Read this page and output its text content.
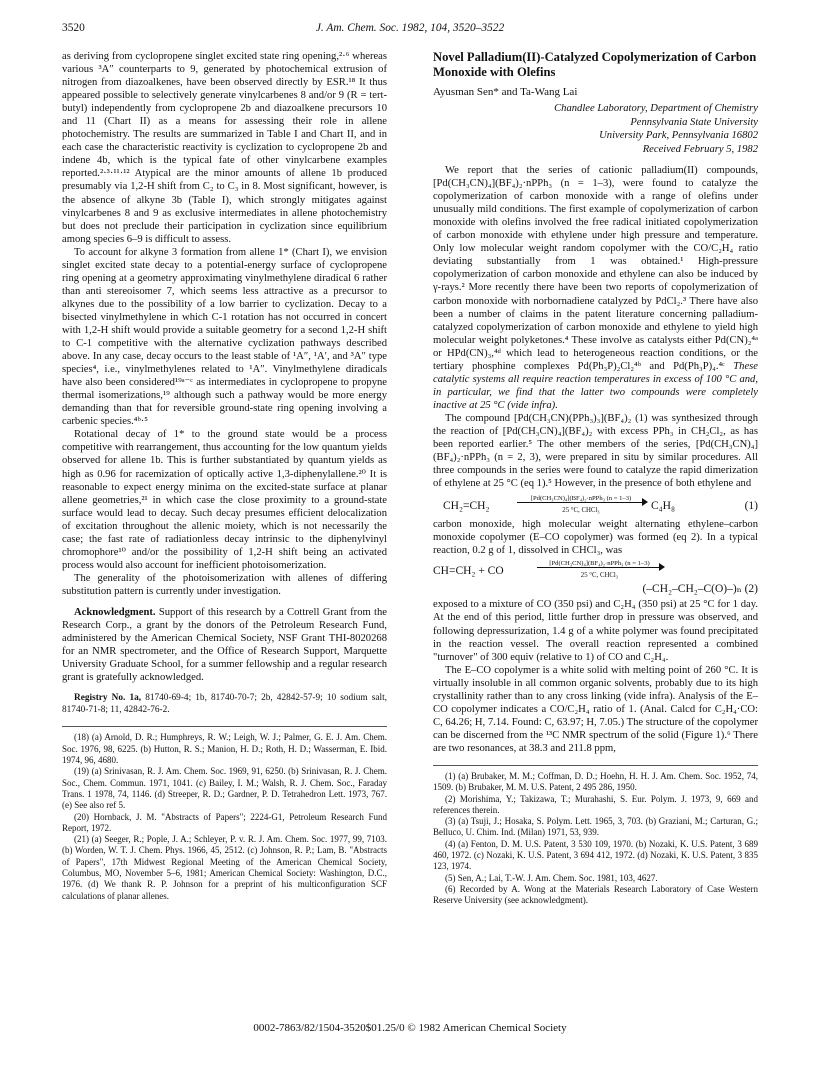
3520	J. Am. Chem. Soc. 1982, 104, 3520–3522

as deriving from cyclopropene singlet excited state ring opening,²·⁶ whereas various ³A″ counterparts to 9, generated by photochemical extrusion of nitrogen from diazoalkenes, have been observed directly by ESR.¹⁸ It thus appeared possible to selectively generate vinylcarbenes 8 and/or 9 (R = tert-butyl) independently from cyclopropene 2b and diazoalkene precursors 10 and 11 (Chart II) as a means for assessing their role in allene photochemistry. The results are summarized in Table I and Chart II, and in each case the characteristic reactivity is cyclization to cyclopropene 2b and indene 4b, which is the typical fate of other vinylcarbene examples reported.²·³·¹¹·¹² Atypical are the minor amounts of allene 1b produced presumably via 1,2-H shift from C₂ to C₃ in 8. Most significant, however, is the absence of alkyne 3b (Table I), which strongly mitigates against vinylcarbenes 8 and 9 as exclusive intermediates in allene photochemistry but does not preclude their participation in cyclization since equilibrium among species 6–9 is difficult to assess.

To account for alkyne 3 formation from allene 1* (Chart I), we envision singlet excited state decay to a potential-energy surface of cyclopropene ring opening at a geometry approximating vinylmethylene diradical 6 rather than anti stereoisomer 7, which seems less attractive as a precursor to alkynes due to the possibility of a low barrier to cyclization. Decay to a bisected vinylmethylene in which C-1 rotation has not occurred in concert with 1,2-H shift would provide a suitable geometry for a second 1,2-H shift to C-1 competitive with the alternative cyclization pathways described above. In any case, decay occurs to the least stable of ¹A″, ¹A′, and ³A″ type species⁴, i.e., vinylmethylenes related to ¹A″. Vinylmethylene diradicals have also been considered¹⁹ᵃ⁻ᶜ as intermediates in cyclopropene to propyne thermal isomerizations,¹⁹ although such a pathway would be more energy demanding than that for reversible ground-state ring opening involving a carbenic species.⁴ᵇ·⁵

Rotational decay of 1* to the ground state would be a process competitive with rearrangement, thus accounting for the low quantum yields observed for allene 1b. This is further substantiated by quantum yields as high as 0.96 for racemization of optically active 1,3-diphenylallene.²⁰ It is reasonable to expect energy minima on the excited-state surface at planar allene geometries,²¹ in which case the close proximity to a ground-state surface would lead to decay. Such decay presumes efficient delocalization of excitation throughout the allenic moiety, which is not necessarily the case; the fast rate of radiationless decay intrinsic to the diphenylvinyl chromophore¹⁰ and/or the possibility of 1,2-H shift being an activated process would also account for inefficient photoisomerization.

The generality of the photoisomerization with allenes of differing substitution pattern is currently under investigation.

Acknowledgment. Support of this research by a Cottrell Grant from the Research Corp., a grant by the donors of the Petroleum Research Fund, administered by the American Chemical Society, NSF Grant THI-8020268 for an NMR spectrometer, and the Office of Research Support, Marquette University Graduate School, for a summer fellowship and a regular research grant is gratefully acknowledged.

Registry No. 1a, 81740-69-4; 1b, 81740-70-7; 2b, 42842-57-9; 10 sodium salt, 81740-71-8; 11, 42842-76-2.

(18) (a) Arnold, D. R.; Humphreys, R. W.; Leigh, W. J.; Palmer, G. E. J. Am. Chem. Soc. 1976, 98, 6225. (b) Hutton, R. S.; Manion, H. D.; Roth, H. D.; Wasserman, E. Ibid. 1974, 96, 4680.

(19) (a) Srinivasan, R. J. Am. Chem. Soc. 1969, 91, 6250. (b) Srinivasan, R. J. Chem. Soc., Chem. Commun. 1971, 1041. (c) Bailey, I. M.; Walsh, R. J. Chem. Soc., Faraday Trans. 1 1978, 74, 1146. (d) Streeper, R. D.; Gardner, P. D. Tetrahedron Lett. 1973, 767. (e) See also ref 5.

(20) Hornback, J. M. "Abstracts of Papers"; 2224-G1, Petroleum Research Fund Report, 1972.

(21) (a) Seeger, R.; Pople, J. A.; Schleyer, P. v. R. J. Am. Chem. Soc. 1977, 99, 7103. (b) Worden, W. T. J. Chem. Phys. 1966, 45, 2512. (c) Johnson, R. P.; Lam, B. "Abstracts of Papers", 17th Midwest Regional Meeting of the American Chemical Society, Columbus, MO, November 5–6, 1981; American Chemical Society: Washington, D.C., 1976. (d) We thank R. P. Johnson for a preprint of his multiconfiguration SCF calculations of planar allenes.

Novel Palladium(II)-Catalyzed Copolymerization of Carbon Monoxide with Olefins

Ayusman Sen* and Ta-Wang Lai

Chandlee Laboratory, Department of Chemistry
Pennsylvania State University
University Park, Pennsylvania 16802
Received February 5, 1982

We report that the series of cationic palladium(II) compounds, [Pd(CH₃CN)₄](BF₄)₂·nPPh₃ (n = 1–3), were found to catalyze the copolymerization of carbon monoxide with a range of olefins under unusually mild conditions. The first example of copolymerization of carbon monoxide with olefins involved the free radical initiated copolymerization of carbon monoxide with ethylene under high pressure and temperature. Only low molecular weight random copolymer with the CO/C₂H₄ ratio deviating substantially from 1 was obtained.¹ High-pressure copolymerization of carbon monoxide and ethylene can also be induced by γ-rays.² More recently there have been two reports of copolymerization of carbon monoxide with norbornadiene catalyzed by PdCl₂.³ There have also been a number of claims in the patent literature concerning palladium-catalyzed copolymerization of carbon monoxide and ethylene to yield high molecular weight polyketones.⁴ These involve as catalysts either Pd(CN)₂⁴ᵃ or HPd(CN)₃,⁴ᵈ which lead to heterogeneous reaction conditions, or the tertiary phosphine complexes Pd(Ph₃P)₂Cl₂⁴ᵇ and Pd(Ph₃P)₄.⁴ᶜ These catalytic systems all require reaction temperatures in excess of 100 °C and, in particular, we find that the latter two compounds were completely inactive at 25 °C (vide infra).

The compound [Pd(CH₃CN)(PPh₃)₃](BF₄)₂ (1) was synthesized through the reaction of [Pd(CH₃CN)₄](BF₄)₂ with excess PPh₃ in CH₂Cl₂, as has been reported earlier.⁵ The other members of the series, [Pd(CH₃CN)₄](BF₄)₂·nPPh₃ (n = 2, 3), were prepared in situ by similar procedures. All three compounds in the series were found to catalyze the rapid dimerization of ethylene at 25 °C (eq 1).⁵ However, in the presence of both ethylene and

CH₂=CH₂
[Pd(CH₃CN)₄](BF₄)₂·nPPh₃ (n = 1–3)
25 °C, CHCl₃	C₄H₈	(1)

carbon monoxide, high molecular weight alternating ethylene–carbon monoxide copolymer (E–CO copolymer) was formed (eq 2). In a typical reaction, 0.2 g of 1, dissolved in CHCl₃, was

CH=CH₂ + CO
[Pd(CH₃CN)₄](BF₄)₂·nPPh₃ (n = 1–3)
25 °C, CHCl₃
(–CH₂–CH₂–C(O)–)ₙ (2)

exposed to a mixture of CO (350 psi) and C₂H₄ (350 psi) at 25 °C for 1 day. At the end of this period, little further drop in pressure was observed, and following depressurization, 1.4 g of a white polymer was found precipitated in the reaction vessel. The overall reaction represented a combined "turnover" of 300 equiv (relative to 1) of CO and C₂H₄.

The E–CO copolymer is a white solid with melting point of 260 °C. It is virtually insoluble in all common organic solvents, probably due to its high crystallinity rather than to any cross linking (vide infra). Analysis of the E–CO copolymer indicates a CO/C₂H₄ ratio of 1. (Anal. Calcd for C₂H₄·CO: C, 64.26; H, 7.14. Found: C, 63.97; H, 7.05.) The structure of the copolymer can be discerned from the ¹³C NMR spectrum of the solid (Figure 1).⁶ There are two resonances, at 38.3 and 211.8 ppm,

(1) (a) Brubaker, M. M.; Coffman, D. D.; Hoehn, H. H. J. Am. Chem. Soc. 1952, 74, 1509. (b) Brubaker, M. M. U.S. Patent, 2 495 286, 1950.

(2) Morishima, Y.; Takizawa, T.; Murahashi, S. Eur. Polym. J. 1973, 9, 669 and references therein.

(3) (a) Tsuji, J.; Hosaka, S. Polym. Lett. 1965, 3, 703. (b) Graziani, M.; Carturan, G.; Belluco, U. Chim. Ind. (Milan) 1971, 53, 939.

(4) (a) Fenton, D. M. U.S. Patent, 3 530 109, 1970. (b) Nozaki, K. U.S. Patent, 3 689 460, 1972. (c) Nozaki, K. U.S. Patent, 3 694 412, 1972. (d) Nozaki, K. U.S. Patent, 3 835 123, 1974.

(5) Sen, A.; Lai, T.-W. J. Am. Chem. Soc. 1981, 103, 4627.

(6) Recorded by A. Wong at the Materials Research Laboratory of Case Western Reserve University (see acknowledgment).

0002-7863/82/1504-3520$01.25/0 © 1982 American Chemical Society
